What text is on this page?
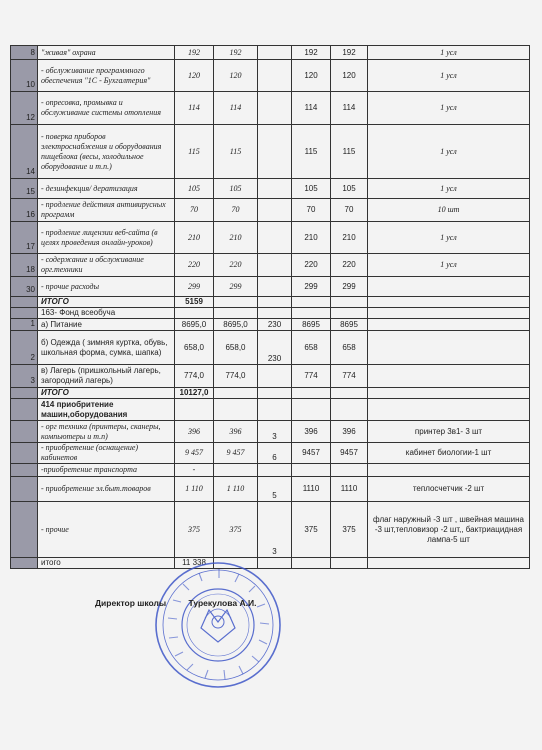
8	"живая" охрана	192	192		192	192	1 усл
10	- обслуживание программного обеспечения "1С - Бухгалтерия"	120	120		120	120	1 усл
12	- опресовка, промывка и обслуживание системы отопления	114	114		114	114	1 усл
14	- поверка приборов электроснабжения и оборудования пищеблока (весы, холодильное оборудование и т.п.)	115	115		115	115	1 усл
15	- дезинфекция/ дератизация	105	105		105	105	1 усл
16	- продление действия антивирусных программ	70	70		70	70	10 шт
17	- продление лицензии веб-сайта (в целях проведения онлайн-уроков)	210	210		210	210	1 усл
18	- содержание и обслуживание орг.техники	220	220		220	220	1 усл
30	- прочие расходы	299	299		299	299	
	ИТОГО	5159					
	163- Фонд всеобуча						
1	а) Питание	8695,0	8695,0	230	8695	8695	
2	б) Одежда ( зимняя куртка, обувь, школьная форма, сумка, шапка)	658,0	658,0	230	658	658	
3	в) Лагерь (пришкольный лагерь, загородний лагерь)	774,0	774,0		774	774	
	ИТОГО	10127,0					
	414 приобритение машин,оборудования						
	- орг техника (принтеры, сканеры, компьютеры и т.п)	396	396	3	396	396	принтер 3в1- 3 шт
	- приобретение (оснащение) кабинетов	9 457	9 457	6	9457	9457	кабинет биологии-1 шт
	-приобретение транспорта	-					
	- приобретение эл.быт.товаров	1 110	1 110	5	1110	1110	теплосчетчик -2 шт
	- прочие	375	375	3	375	375	флаг наружный -3 шт , швейная машина -3 шт,тепловизор -2 шт,, бактриацидная лампа-5 шт
	итого	11 338					
Директор школы	Турекулова А.И.
